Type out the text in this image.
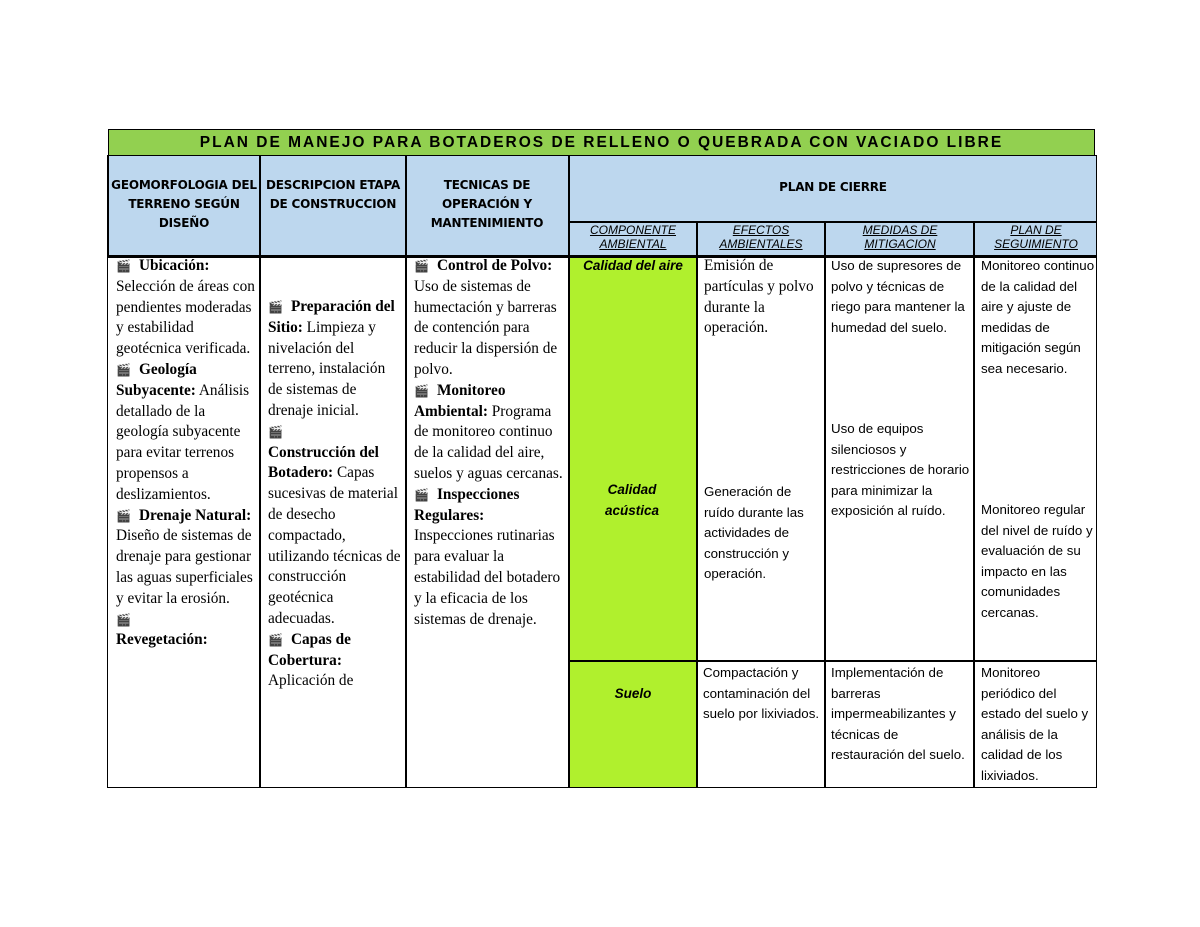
PLAN DE MANEJO PARA BOTADEROS DE RELLENO O QUEBRADA CON VACIADO LIBRE
GEOMORFOLOGIA DEL TERRENO SEGÚN DISEÑO
DESCRIPCION ETAPA DE CONSTRUCCION
TECNICAS DE OPERACIÓN Y MANTENIMIENTO
PLAN DE CIERRE
COMPONENTE AMBIENTAL
EFECTOS AMBIENTALES
MEDIDAS DE MITIGACION
PLAN DE SEGUIMIENTO
🎬 Ubicación: Selección de áreas con pendientes moderadas y estabilidad geotécnica verificada.
🎬 Geología Subyacente: Análisis detallado de la geología subyacente para evitar terrenos propensos a deslizamientos.
🎬 Drenaje Natural: Diseño de sistemas de drenaje para gestionar las aguas superficiales y evitar la erosión.
🎬
Revegetación:
🎬 Preparación del Sitio: Limpieza y nivelación del terreno, instalación de sistemas de drenaje inicial.
🎬
Construcción del Botadero: Capas sucesivas de material de desecho compactado, utilizando técnicas de construcción geotécnica adecuadas.
🎬 Capas de Cobertura: Aplicación de
🎬 Control de Polvo: Uso de sistemas de humectación y barreras de contención para reducir la dispersión de polvo.
🎬 Monitoreo Ambiental: Programa de monitoreo continuo de la calidad del aire, suelos y aguas cercanas.
🎬 Inspecciones Regulares: Inspecciones rutinarias para evaluar la estabilidad del botadero y la eficacia de los sistemas de drenaje.
Calidad del aire
Calidad acústica
Emisión de partículas y polvo durante la operación.
Generación de ruído durante las actividades de construcción y operación.
Uso de supresores de polvo y técnicas de riego para mantener la humedad del suelo.
Uso de equipos silenciosos y restricciones de horario para minimizar la exposición al ruído.
Monitoreo continuo de la calidad del aire y ajuste de medidas de mitigación según sea necesario.
Monitoreo regular del nivel de ruído y evaluación de su impacto en las comunidades cercanas.
Suelo
Compactación y contaminación del suelo por lixiviados.
Implementación de barreras impermeabilizantes y técnicas de restauración del suelo.
Monitoreo periódico del estado del suelo y análisis de la calidad de los lixiviados.
